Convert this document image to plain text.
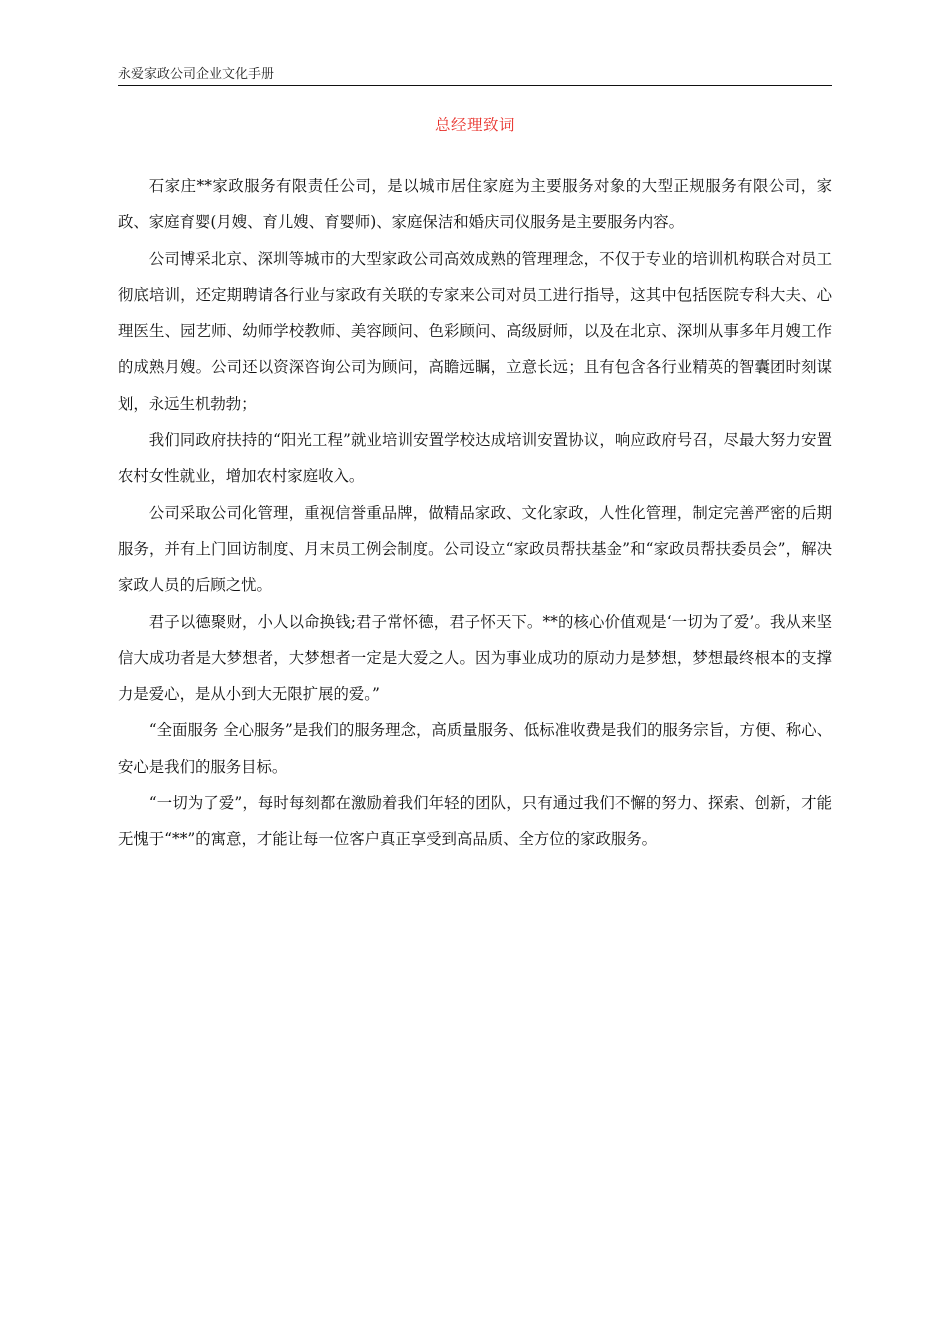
永爱家政公司企业文化手册
总经理致词

石家庄**家政服务有限责任公司，是以城市居住家庭为主要服务对象的大型正规服务有限公司，家政、家庭育婴(月嫂、育儿嫂、育婴师)、家庭保洁和婚庆司仪服务是主要服务内容。

公司博采北京、深圳等城市的大型家政公司高效成熟的管理理念，不仅于专业的培训机构联合对员工彻底培训，还定期聘请各行业与家政有关联的专家来公司对员工进行指导，这其中包括医院专科大夫、心理医生、园艺师、幼师学校教师、美容顾问、色彩顾问、高级厨师，以及在北京、深圳从事多年月嫂工作的成熟月嫂。公司还以资深咨询公司为顾问，高瞻远瞩，立意长远；且有包含各行业精英的智囊团时刻谋划，永远生机勃勃；

我们同政府扶持的“阳光工程”就业培训安置学校达成培训安置协议，响应政府号召，尽最大努力安置农村女性就业，增加农村家庭收入。

公司采取公司化管理，重视信誉重品牌，做精品家政、文化家政，人性化管理，制定完善严密的后期服务，并有上门回访制度、月末员工例会制度。公司设立“家政员帮扶基金”和“家政员帮扶委员会”，解决家政人员的后顾之忧。

君子以德聚财，小人以命换钱;君子常怀德，君子怀天下。**的核心价值观是‘一切为了爱’。我从来坚信大成功者是大梦想者，大梦想者一定是大爱之人。因为事业成功的原动力是梦想，梦想最终根本的支撑力是爱心，是从小到大无限扩展的爱。”

“全面服务 全心服务”是我们的服务理念，高质量服务、低标准收费是我们的服务宗旨，方便、称心、安心是我们的服务目标。

“一切为了爱”，每时每刻都在激励着我们年轻的团队，只有通过我们不懈的努力、探索、创新，才能无愧于“**”的寓意，才能让每一位客户真正享受到高品质、全方位的家政服务。
